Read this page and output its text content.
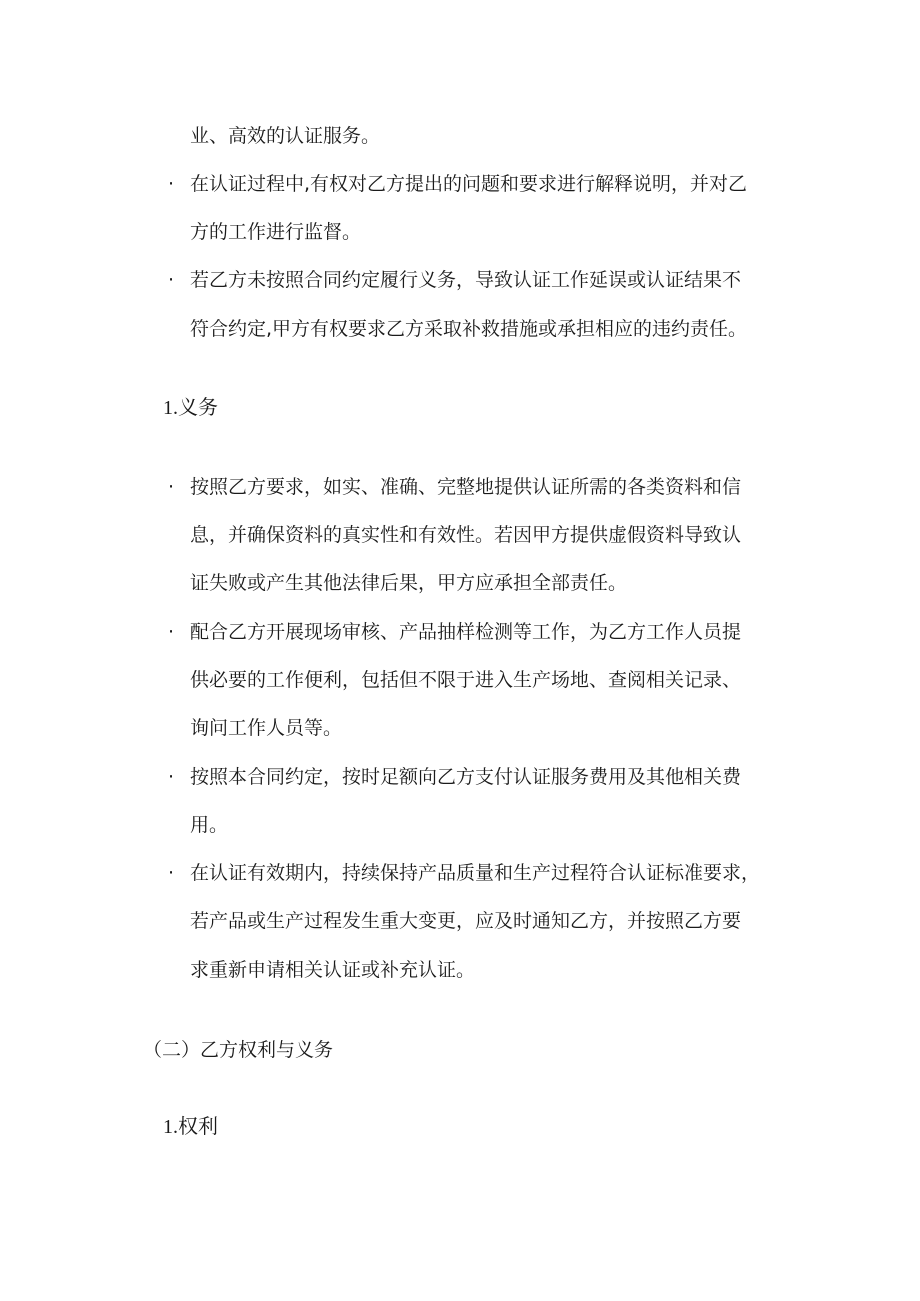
业、高效的认证服务。
· 在认证过程中,有权对乙方提出的问题和要求进行解释说明，并对乙
方的工作进行监督。
· 若乙方未按照合同约定履行义务，导致认证工作延误或认证结果不
符合约定,甲方有权要求乙方采取补救措施或承担相应的违约责任。
1.义务
· 按照乙方要求，如实、准确、完整地提供认证所需的各类资料和信
息，并确保资料的真实性和有效性。若因甲方提供虚假资料导致认
证失败或产生其他法律后果，甲方应承担全部责任。
· 配合乙方开展现场审核、产品抽样检测等工作，为乙方工作人员提
供必要的工作便利，包括但不限于进入生产场地、查阅相关记录、
询问工作人员等。
· 按照本合同约定，按时足额向乙方支付认证服务费用及其他相关费
用。
· 在认证有效期内，持续保持产品质量和生产过程符合认证标准要求，
若产品或生产过程发生重大变更，应及时通知乙方，并按照乙方要
求重新申请相关认证或补充认证。
（二）乙方权利与义务
1.权利
